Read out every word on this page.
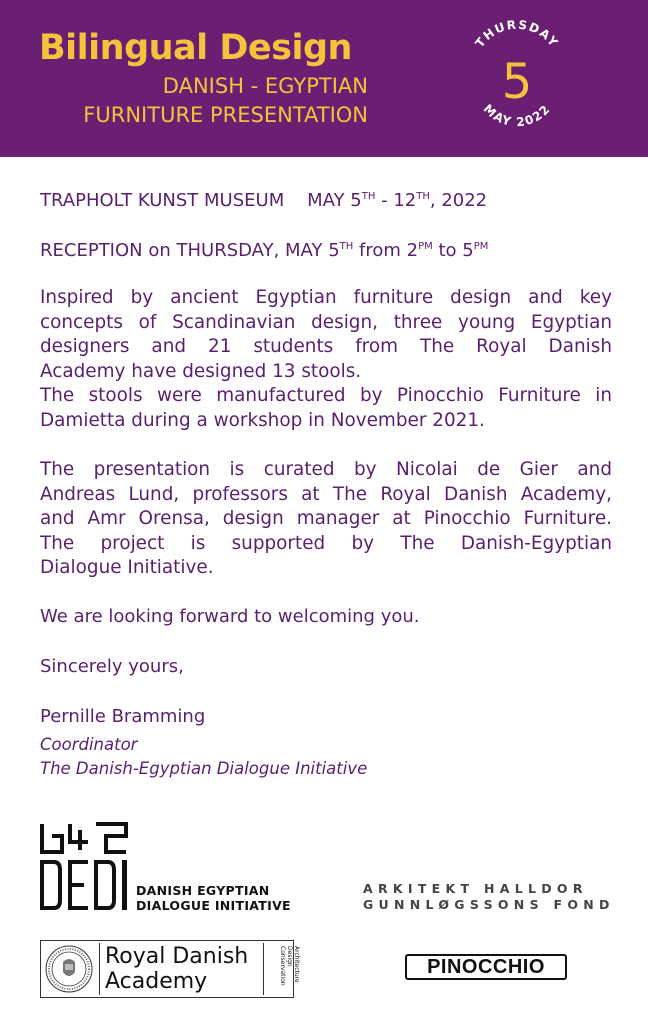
Bilingual Design
DANISH - EGYPTIAN
FURNITURE PRESENTATION
THURSDAY
5
MAY 2022
TRAPHOLT KUNST MUSEUM MAY 5TH - 12TH, 2022
RECEPTION on THURSDAY, MAY 5TH from $2^{PM}$ to $5^{PM}$
Inspired by ancient Egyptian furniture design and key
concepts of Scandinavian design, three young Egyptian
designers and 21 students from The Royal Danish
Academy have designed 13 stools.
The stools were manufactured by Pinocchio Furniture in
Damietta during a workshop in November 2021.
The presentation is curated by Nicolai de Gier and
Andreas Lund, professors at The Royal Danish Academy,
and Amr Orensa, design manager at Pinocchio Furniture.
The project is supported by The Danish-Egyptian
Dialogue Initiative.
We are looking forward to welcoming you.
Sincerely yours,
Pernille Bramming
Coordinator
The Danish-Egyptian Dialogue Initiative
DANISH EGYPTIAN
DIALOGUE INITIATIVE
ARKITEKT HALLDOR
GUNNLØGSSONS FOND
Royal Danish
Academy	Architecture Design Conservation	PINOCCHIO
